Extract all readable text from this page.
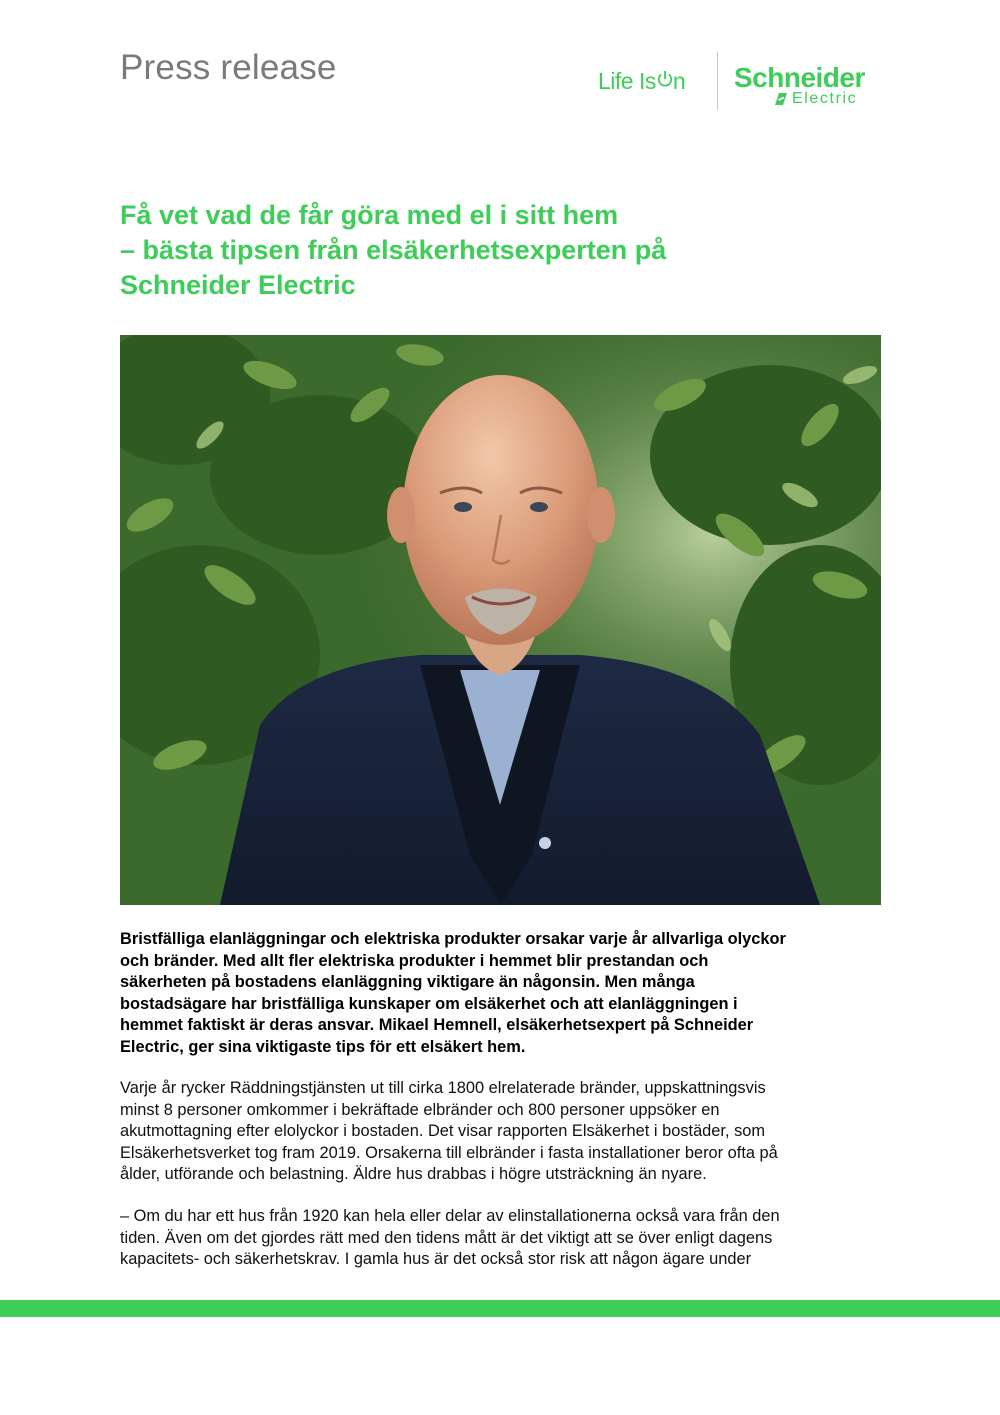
Press release	Life Is n Schneider
Electric
Få vet vad de får göra med el i sitt hem
– bästa tipsen från elsäkerhetsexperten på
Schneider Electric

Bristfälliga elanläggningar och elektriska produkter orsakar varje år allvarliga olyckor
och bränder. Med allt fler elektriska produkter i hemmet blir prestandan och
säkerheten på bostadens elanläggning viktigare än någonsin. Men många
bostadsägare har bristfälliga kunskaper om elsäkerhet och att elanläggningen i
hemmet faktiskt är deras ansvar. Mikael Hemnell, elsäkerhetsexpert på Schneider
Electric, ger sina viktigaste tips för ett elsäkert hem.

Varje år rycker Räddningstjänsten ut till cirka 1800 elrelaterade bränder, uppskattningsvis
minst 8 personer omkommer i bekräftade elbränder och 800 personer uppsöker en
akutmottagning efter elolyckor i bostaden. Det visar rapporten Elsäkerhet i bostäder, som
Elsäkerhetsverket tog fram 2019. Orsakerna till elbränder i fasta installationer beror ofta på
ålder, utförande och belastning. Äldre hus drabbas i högre utsträckning än nyare.

– Om du har ett hus från 1920 kan hela eller delar av elinstallationerna också vara från den
tiden. Även om det gjordes rätt med den tidens mått är det viktigt att se över enligt dagens
kapacitets- och säkerhetskrav. I gamla hus är det också stor risk att någon ägare under
